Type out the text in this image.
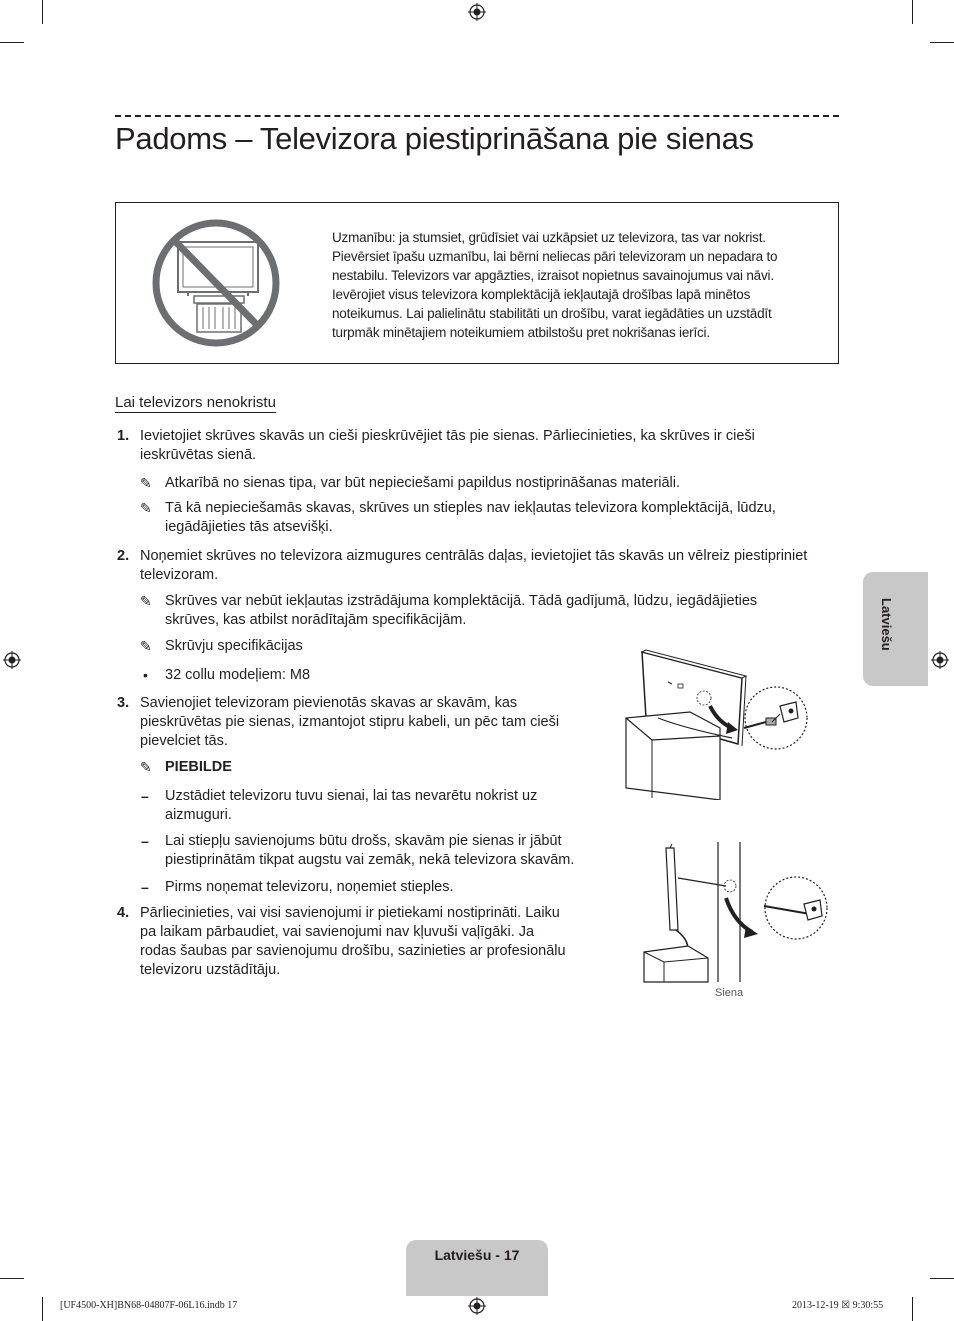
Padoms – Televizora piestiprināšana pie sienas
Uzmanību: ja stumsiet, grūdīsiet vai uzkāpsiet uz televizora, tas var nokrist.
Pievērsiet īpašu uzmanību, lai bērni neliecas pāri televizoram un nepadara to
nestabilu. Televizors var apgāzties, izraisot nopietnus savainojumus vai nāvi.
Ievērojiet visus televizora komplektācijā iekļautajā drošības lapā minētos
noteikumus. Lai palielinātu stabilitāti un drošību, varat iegādāties un uzstādīt
turpmāk minētajiem noteikumiem atbilstošu pret nokrišanas ierīci.
Lai televizors nenokristu
1. Ievietojiet skrūves skavās un cieši pieskrūvējiet tās pie sienas. Pārliecinieties, ka skrūves ir cieši
ieskrūvētas sienā.
✎ Atkarībā no sienas tipa, var būt nepieciešami papildus nostiprināšanas materiāli.
✎ Tā kā nepieciešamās skavas, skrūves un stieples nav iekļautas televizora komplektācijā, lūdzu,
iegādājieties tās atsevišķi.
2. Noņemiet skrūves no televizora aizmugures centrālās daļas, ievietojiet tās skavās un vēlreiz piestipriniet
televizoram.
✎ Skrūves var nebūt iekļautas izstrādājuma komplektācijā. Tādā gadījumā, lūdzu, iegādājieties
skrūves, kas atbilst norādītajām specifikācijām.
✎ Skrūvju specifikācijas
• 32 collu modeļiem: M8
3. Savienojiet televizoram pievienotās skavas ar skavām, kas
pieskrūvētas pie sienas, izmantojot stipru kabeli, un pēc tam cieši
pievelciet tās.
✎ PIEBILDE
– Uzstādiet televizoru tuvu sienai, lai tas nevarētu nokrist uz
aizmuguri.
– Lai stiepļu savienojums būtu drošs, skavām pie sienas ir jābūt
piestiprinātām tikpat augstu vai zemāk, nekā televizora skavām.
– Pirms noņemat televizoru, noņemiet stieples.
4. Pārliecinieties, vai visi savienojumi ir pietiekami nostiprināti. Laiku
pa laikam pārbaudiet, vai savienojumi nav kļuvuši vaļīgāki. Ja
rodas šaubas par savienojumu drošību, sazinieties ar profesionālu
televizoru uzstādītāju.
Siena
Latviešu
Latviešu - 17
[UF4500-XH]BN68-04807F-06L16.indb 17	2013-12-19 ☒ 9:30:55
